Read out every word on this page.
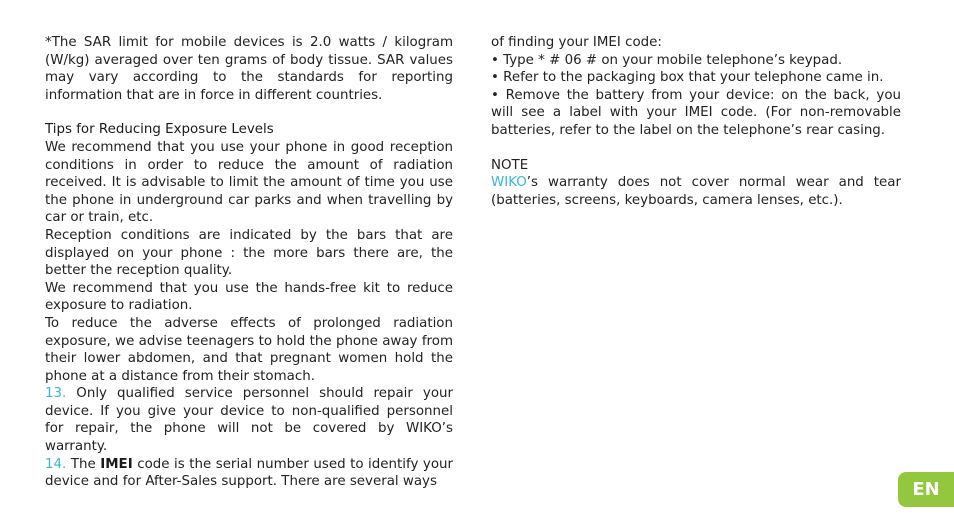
*The SAR limit for mobile devices is 2.0 watts / kilogram (W/kg) averaged over ten grams of body tissue. SAR values may vary according to the standards for reporting information that are in force in different countries.

Tips for Reducing Exposure Levels

We recommend that you use your phone in good reception conditions in order to reduce the amount of radiation received. It is advisable to limit the amount of time you use the phone in underground car parks and when travelling by car or train, etc.

Reception conditions are indicated by the bars that are displayed on your phone : the more bars there are, the better the reception quality.

We recommend that you use the hands-free kit to reduce exposure to radiation.

To reduce the adverse effects of prolonged radiation exposure, we advise teenagers to hold the phone away from their lower abdomen, and that pregnant women hold the phone at a distance from their stomach.

13. Only qualified service personnel should repair your device. If you give your device to non-qualified personnel for repair, the phone will not be covered by WIKO’s warranty.

14. The IMEI code is the serial number used to identify your device and for After-Sales support. There are several ways

of finding your IMEI code:

• Type * # 06 # on your mobile telephone’s keypad.

• Refer to the packaging box that your telephone came in.

• Remove the battery from your device: on the back, you will see a label with your IMEI code. (For non-removable batteries, refer to the label on the telephone’s rear casing.

NOTE

WIKO’s warranty does not cover normal wear and tear (batteries, screens, keyboards, camera lenses, etc.).

EN
